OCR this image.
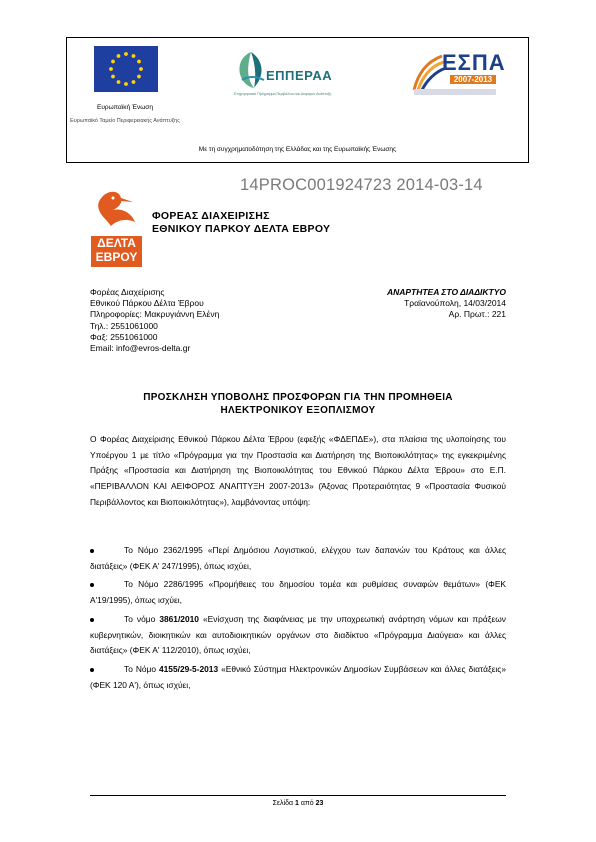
Ευρωπαϊκή Ένωση
Ευρωπαϊκό Ταμείο Περιφερειακής Ανάπτυξης
ΕΠΠΕΡΑΑ
Επιχειρησιακό Πρόγραμμα Περιβάλλον και Αειφόρος Ανάπτυξη
ΕΣΠΑ
2007-2013
Με τη συγχρηματοδότηση της Ελλάδας και της Ευρωπαϊκής Ένωσης
14PROC001924723 2014-03-14
ΔΕΛΤΑ
ΕΒΡΟΥ
ΦΟΡΕΑΣ ΔΙΑΧΕΙΡΙΣΗΣ
ΕΘΝΙΚΟΥ ΠΑΡΚΟΥ ΔΕΛΤΑ ΕΒΡΟΥ
Φορέας Διαχείρισης
Εθνικού Πάρκου Δέλτα Έβρου
Πληροφορίες: Μακρυγιάννη Ελένη
Τηλ.: 2551061000
Φαξ: 2551061000
Email: info@evros-delta.gr
ΑΝΑΡΤΗΤΕΑ ΣΤΟ ΔΙΑΔΙΚΤΥΟ
Τραϊανούπολη, 14/03/2014
Αρ. Πρωτ.: 221
ΠΡΟΣΚΛΗΣΗ ΥΠΟΒΟΛΗΣ ΠΡΟΣΦΟΡΩΝ ΓΙΑ ΤΗΝ ΠΡΟΜΗΘΕΙΑ
ΗΛΕΚΤΡΟΝΙΚΟΥ ΕΞΟΠΛΙΣΜΟΥ

Ο Φορέας Διαχείρισης Εθνικού Πάρκου Δέλτα Έβρου (εφεξής «ΦΔΕΠΔΕ»), στα πλαίσια της υλοποίησης του Υποέργου 1 με τίτλο «Πρόγραμμα για την Προστασία και Διατήρηση της Βιοποικιλότητας» της εγκεκριμένης Πράξης «Προστασία και Διατήρηση της Βιοποικιλότητας του Εθνικού Πάρκου Δέλτα Έβρου» στο Ε.Π. «ΠΕΡΙΒΑΛΛΟΝ ΚΑΙ ΑΕΙΦΟΡΟΣ ΑΝΑΠΤΥΞΗ 2007-2013» (Άξονας Προτεραιότητας 9 «Προστασία Φυσικού Περιβάλλοντος και Βιοποικιλότητας»), λαμβάνοντας υπόψη:

Το Νόμο 2362/1995 «Περί Δημόσιου Λογιστικού, ελέγχου των δαπανών του Κράτους και άλλες διατάξεις» (ΦΕΚ Α' 247/1995), όπως ισχύει,
Το Νόμο 2286/1995 «Προμήθειες του δημοσίου τομέα και ρυθμίσεις συναφών θεμάτων» (ΦΕΚ Α'19/1995), όπως ισχύει,
Το νόμο 3861/2010 «Ενίσχυση της διαφάνειας με την υποχρεωτική ανάρτηση νόμων και πράξεων κυβερνητικών, διοικητικών και αυτοδιοικητικών οργάνων στο διαδίκτυο «Πρόγραμμα Διαύγεια» και άλλες διατάξεις» (ΦΕΚ Α' 112/2010), όπως ισχύει,
Το Νόμο 4155/29-5-2013 «Εθνικό Σύστημα Ηλεκτρονικών Δημοσίων Συμβάσεων και άλλες διατάξεις» (ΦΕΚ 120 Α'), όπως ισχύει,
Σελίδα 1 από 23
